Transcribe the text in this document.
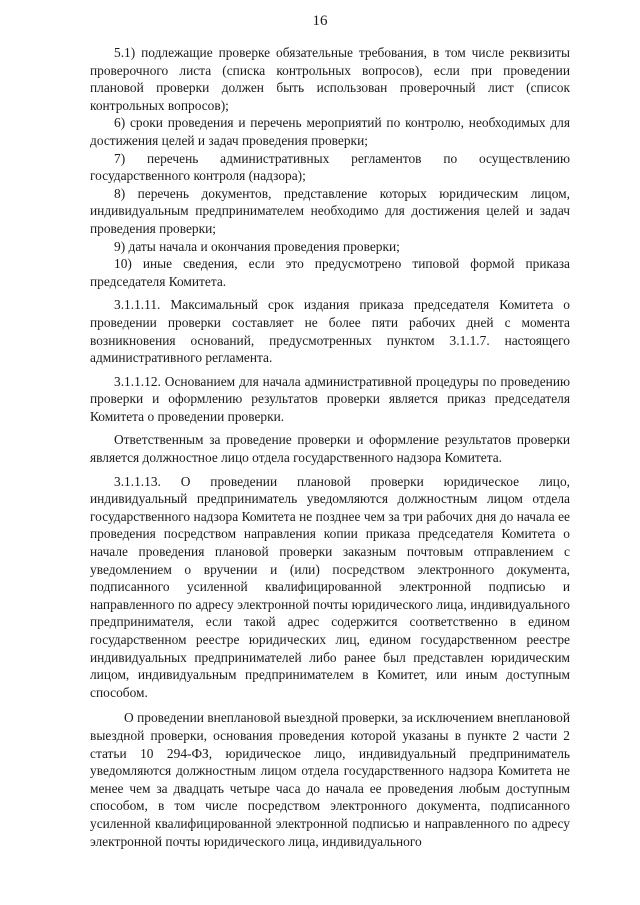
16

5.1) подлежащие проверке обязательные требования, в том числе реквизиты проверочного листа (списка контрольных вопросов), если при проведении плановой проверки должен быть использован проверочный лист (список контрольных вопросов);

6) сроки проведения и перечень мероприятий по контролю, необходимых для достижения целей и задач проведения проверки;

7) перечень административных регламентов по осуществлению государственного контроля (надзора);

8) перечень документов, представление которых юридическим лицом, индивидуальным предпринимателем необходимо для достижения целей и задач проведения проверки;

9) даты начала и окончания проведения проверки;

10) иные сведения, если это предусмотрено типовой формой приказа председателя Комитета.

3.1.1.11. Максимальный срок издания приказа председателя Комитета о проведении проверки составляет не более пяти рабочих дней с момента возникновения оснований, предусмотренных пунктом 3.1.1.7. настоящего административного регламента.

3.1.1.12. Основанием для начала административной процедуры по проведению проверки и оформлению результатов проверки является приказ председателя Комитета о проведении проверки.

Ответственным за проведение проверки и оформление результатов проверки является должностное лицо отдела государственного надзора Комитета.

3.1.1.13. О проведении плановой проверки юридическое лицо, индивидуальный предприниматель уведомляются должностным лицом отдела государственного надзора Комитета не позднее чем за три рабочих дня до начала ее проведения посредством направления копии приказа председателя Комитета о начале проведения плановой проверки заказным почтовым отправлением с уведомлением о вручении и (или) посредством электронного документа, подписанного усиленной квалифицированной электронной подписью и направленного по адресу электронной почты юридического лица, индивидуального предпринимателя, если такой адрес содержится соответственно в едином государственном реестре юридических лиц, едином государственном реестре индивидуальных предпринимателей либо ранее был представлен юридическим лицом, индивидуальным предпринимателем в Комитет, или иным доступным способом.

О проведении внеплановой выездной проверки, за исключением внеплановой выездной проверки, основания проведения которой указаны в пункте 2 части 2 статьи 10 294-ФЗ, юридическое лицо, индивидуальный предприниматель уведомляются должностным лицом отдела государственного надзора Комитета не менее чем за двадцать четыре часа до начала ее проведения любым доступным способом, в том числе посредством электронного документа, подписанного усиленной квалифицированной электронной подписью и направленного по адресу электронной почты юридического лица, индивидуального
